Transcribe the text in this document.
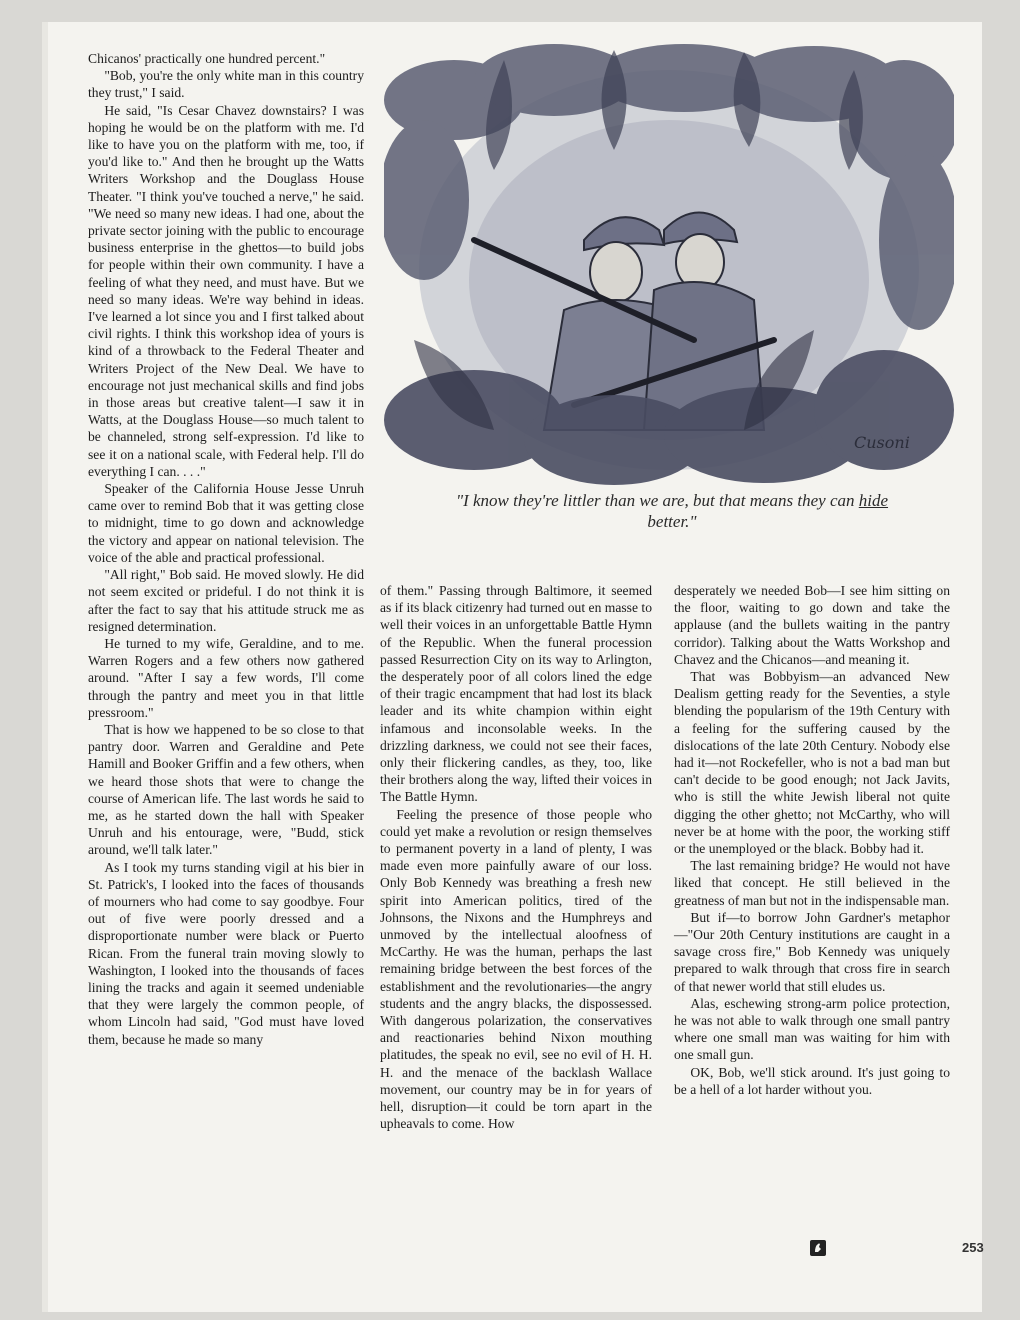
Chicanos' practically one hundred percent."

"Bob, you're the only white man in this country they trust," I said.

He said, "Is Cesar Chavez downstairs? I was hoping he would be on the platform with me. I'd like to have you on the platform with me, too, if you'd like to." And then he brought up the Watts Writers Workshop and the Douglass House Theater. "I think you've touched a nerve," he said. "We need so many new ideas. I had one, about the private sector joining with the public to encourage business enterprise in the ghettos—to build jobs for people within their own community. I have a feeling of what they need, and must have. But we need so many ideas. We're way behind in ideas. I've learned a lot since you and I first talked about civil rights. I think this workshop idea of yours is kind of a throwback to the Federal Theater and Writers Project of the New Deal. We have to encourage not just mechanical skills and find jobs in those areas but creative talent—I saw it in Watts, at the Douglass House—so much talent to be channeled, strong self-expression. I'd like to see it on a national scale, with Federal help. I'll do everything I can. . . ."

Speaker of the California House Jesse Unruh came over to remind Bob that it was getting close to midnight, time to go down and acknowledge the victory and appear on national television. The voice of the able and practical professional.

"All right," Bob said. He moved slowly. He did not seem excited or prideful. I do not think it is after the fact to say that his attitude struck me as resigned determination.

He turned to my wife, Geraldine, and to me. Warren Rogers and a few others now gathered around. "After I say a few words, I'll come through the pantry and meet you in that little pressroom."

That is how we happened to be so close to that pantry door. Warren and Geraldine and Pete Hamill and Booker Griffin and a few others, when we heard those shots that were to change the course of American life. The last words he said to me, as he started down the hall with Speaker Unruh and his entourage, were, "Budd, stick around, we'll talk later."

As I took my turns standing vigil at his bier in St. Patrick's, I looked into the faces of thousands of mourners who had come to say goodbye. Four out of five were poorly dressed and a disproportionate number were black or Puerto Rican. From the funeral train moving slowly to Washington, I looked into the thousands of faces lining the tracks and again it seemed undeniable that they were largely the common people, of whom Lincoln had said, "God must have loved them, because he made so many

Cusoni
"I know they're littler than we are, but that means they can hide better."

of them." Passing through Baltimore, it seemed as if its black citizenry had turned out en masse to well their voices in an unforgettable Battle Hymn of the Republic. When the funeral procession passed Resurrection City on its way to Arlington, the desperately poor of all colors lined the edge of their tragic encampment that had lost its black leader and its white champion within eight infamous and inconsolable weeks. In the drizzling darkness, we could not see their faces, only their flickering candles, as they, too, like their brothers along the way, lifted their voices in The Battle Hymn.

Feeling the presence of those people who could yet make a revolution or resign themselves to permanent poverty in a land of plenty, I was made even more painfully aware of our loss. Only Bob Kennedy was breathing a fresh new spirit into American politics, tired of the Johnsons, the Nixons and the Humphreys and unmoved by the intellectual aloofness of McCarthy. He was the human, perhaps the last remaining bridge between the best forces of the establishment and the revolutionaries—the angry students and the angry blacks, the dispossessed. With dangerous polarization, the conservatives and reactionaries behind Nixon mouthing platitudes, the speak no evil, see no evil of H. H. H. and the menace of the backlash Wallace movement, our country may be in for years of hell, disruption—it could be torn apart in the upheavals to come. How

desperately we needed Bob—I see him sitting on the floor, waiting to go down and take the applause (and the bullets waiting in the pantry corridor). Talking about the Watts Workshop and Chavez and the Chicanos—and meaning it.

That was Bobbyism—an advanced New Dealism getting ready for the Seventies, a style blending the popularism of the 19th Century with a feeling for the suffering caused by the dislocations of the late 20th Century. Nobody else had it—not Rockefeller, who is not a bad man but can't decide to be good enough; not Jack Javits, who is still the white Jewish liberal not quite digging the other ghetto; not McCarthy, who will never be at home with the poor, the working stiff or the unemployed or the black. Bobby had it.

The last remaining bridge? He would not have liked that concept. He still believed in the greatness of man but not in the indispensable man.

But if—to borrow John Gardner's metaphor—"Our 20th Century institutions are caught in a savage cross fire," Bob Kennedy was uniquely prepared to walk through that cross fire in search of that newer world that still eludes us.

Alas, eschewing strong-arm police protection, he was not able to walk through one small pantry where one small man was waiting for him with one small gun.

OK, Bob, we'll stick around. It's just going to be a hell of a lot harder without you.

253
